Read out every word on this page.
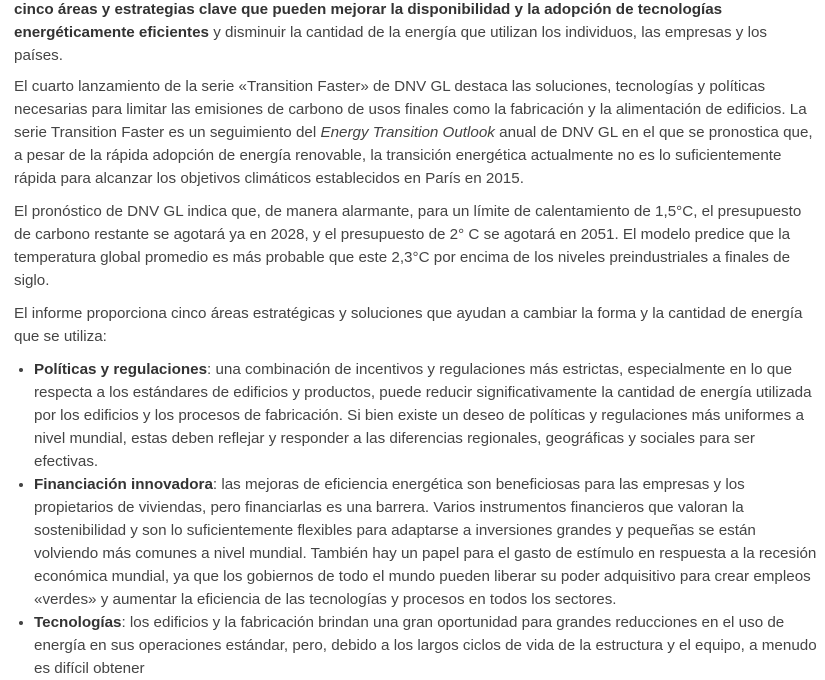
cinco áreas y estrategias clave que pueden mejorar la disponibilidad y la adopción de tecnologías energéticamente eficientes y disminuir la cantidad de la energía que utilizan los individuos, las empresas y los países.

El cuarto lanzamiento de la serie «Transition Faster» de DNV GL destaca las soluciones, tecnologías y políticas necesarias para limitar las emisiones de carbono de usos finales como la fabricación y la alimentación de edificios. La serie Transition Faster es un seguimiento del Energy Transition Outlook anual de DNV GL en el que se pronostica que, a pesar de la rápida adopción de energía renovable, la transición energética actualmente no es lo suficientemente rápida para alcanzar los objetivos climáticos establecidos en París en 2015.

El pronóstico de DNV GL indica que, de manera alarmante, para un límite de calentamiento de 1,5°C, el presupuesto de carbono restante se agotará ya en 2028, y el presupuesto de 2° C se agotará en 2051. El modelo predice que la temperatura global promedio es más probable que este 2,3°C por encima de los niveles preindustriales a finales de siglo.

El informe proporciona cinco áreas estratégicas y soluciones que ayudan a cambiar la forma y la cantidad de energía que se utiliza:

• Políticas y regulaciones: una combinación de incentivos y regulaciones más estrictas, especialmente en lo que respecta a los estándares de edificios y productos, puede reducir significativamente la cantidad de energía utilizada por los edificios y los procesos de fabricación. Si bien existe un deseo de políticas y regulaciones más uniformes a nivel mundial, estas deben reflejar y responder a las diferencias regionales, geográficas y sociales para ser efectivas.
• Financiación innovadora: las mejoras de eficiencia energética son beneficiosas para las empresas y los propietarios de viviendas, pero financiarlas es una barrera. Varios instrumentos financieros que valoran la sostenibilidad y son lo suficientemente flexibles para adaptarse a inversiones grandes y pequeñas se están volviendo más comunes a nivel mundial. También hay un papel para el gasto de estímulo en respuesta a la recesión económica mundial, ya que los gobiernos de todo el mundo pueden liberar su poder adquisitivo para crear empleos «verdes» y aumentar la eficiencia de las tecnologías y procesos en todos los sectores.
• Tecnologías: los edificios y la fabricación brindan una gran oportunidad para grandes reducciones en el uso de energía en sus operaciones estándar, pero, debido a los largos ciclos de vida de la estructura y el equipo, a menudo es difícil obtener
